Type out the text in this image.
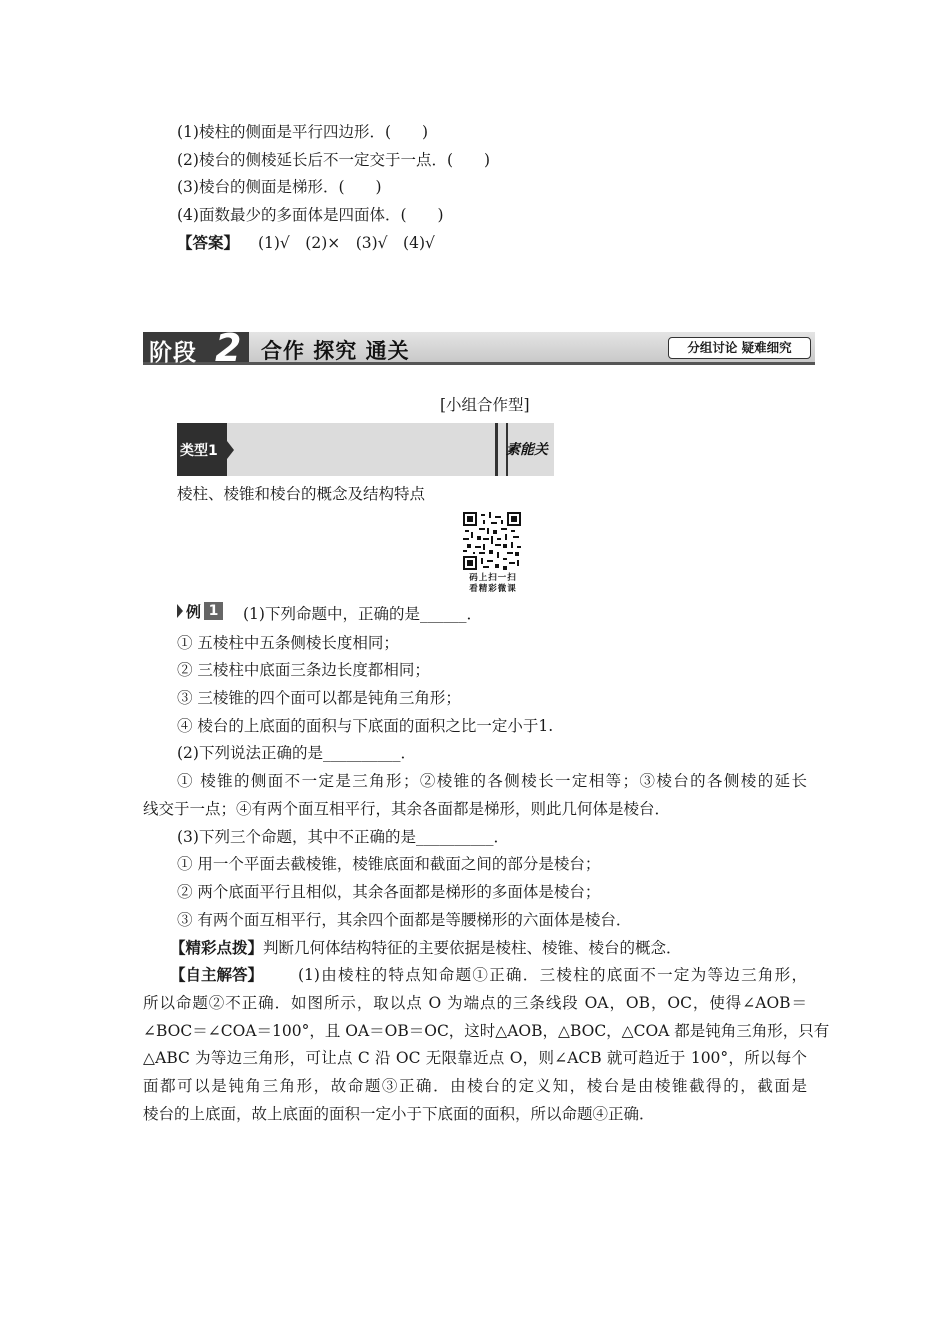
(1)棱柱的侧面是平行四边形．(　　)
(2)棱台的侧棱延长后不一定交于一点．(　　)
(3)棱台的侧面是梯形．(　　)
(4)面数最少的多面体是四面体．(　　)
【答案】 (1)√　(2)×　(3)√　(4)√
阶段 2 合作 探究 通关	分组讨论 疑难细究
[小组合作型]
类型1	素能关
棱柱、棱锥和棱台的概念及结构特点
码上扫一扫
看精彩微课
例 1 (1)下列命题中，正确的是______．
① 五棱柱中五条侧棱长度相同；
② 三棱柱中底面三条边长度都相同；
③ 三棱锥的四个面可以都是钝角三角形；
④ 棱台的上底面的面积与下底面的面积之比一定小于1.
(2)下列说法正确的是__________．
① 棱锥的侧面不一定是三角形；②棱锥的各侧棱长一定相等；③棱台的各侧棱的延长
线交于一点；④有两个面互相平行，其余各面都是梯形，则此几何体是棱台．
(3)下列三个命题，其中不正确的是__________．
① 用一个平面去截棱锥，棱锥底面和截面之间的部分是棱台；
② 两个底面平行且相似，其余各面都是梯形的多面体是棱台；
③ 有两个面互相平行，其余四个面都是等腰梯形的六面体是棱台．
【精彩点拨】判断几何体结构特征的主要依据是棱柱、棱锥、棱台的概念．
【自主解答】 (1)由棱柱的特点知命题①正确．三棱柱的底面不一定为等边三角形，
所以命题②不正确．如图所示，取以点 O 为端点的三条线段 OA，OB，OC，使得∠AOB＝
∠BOC＝∠COA＝100°，且 OA＝OB＝OC，这时△AOB，△BOC，△COA 都是钝角三角形，只有
△ABC 为等边三角形，可让点 C 沿 OC 无限靠近点 O，则∠ACB 就可趋近于 100°，所以每个
面都可以是钝角三角形，故命题③正确．由棱台的定义知，棱台是由棱锥截得的，截面是
棱台的上底面，故上底面的面积一定小于下底面的面积，所以命题④正确．
